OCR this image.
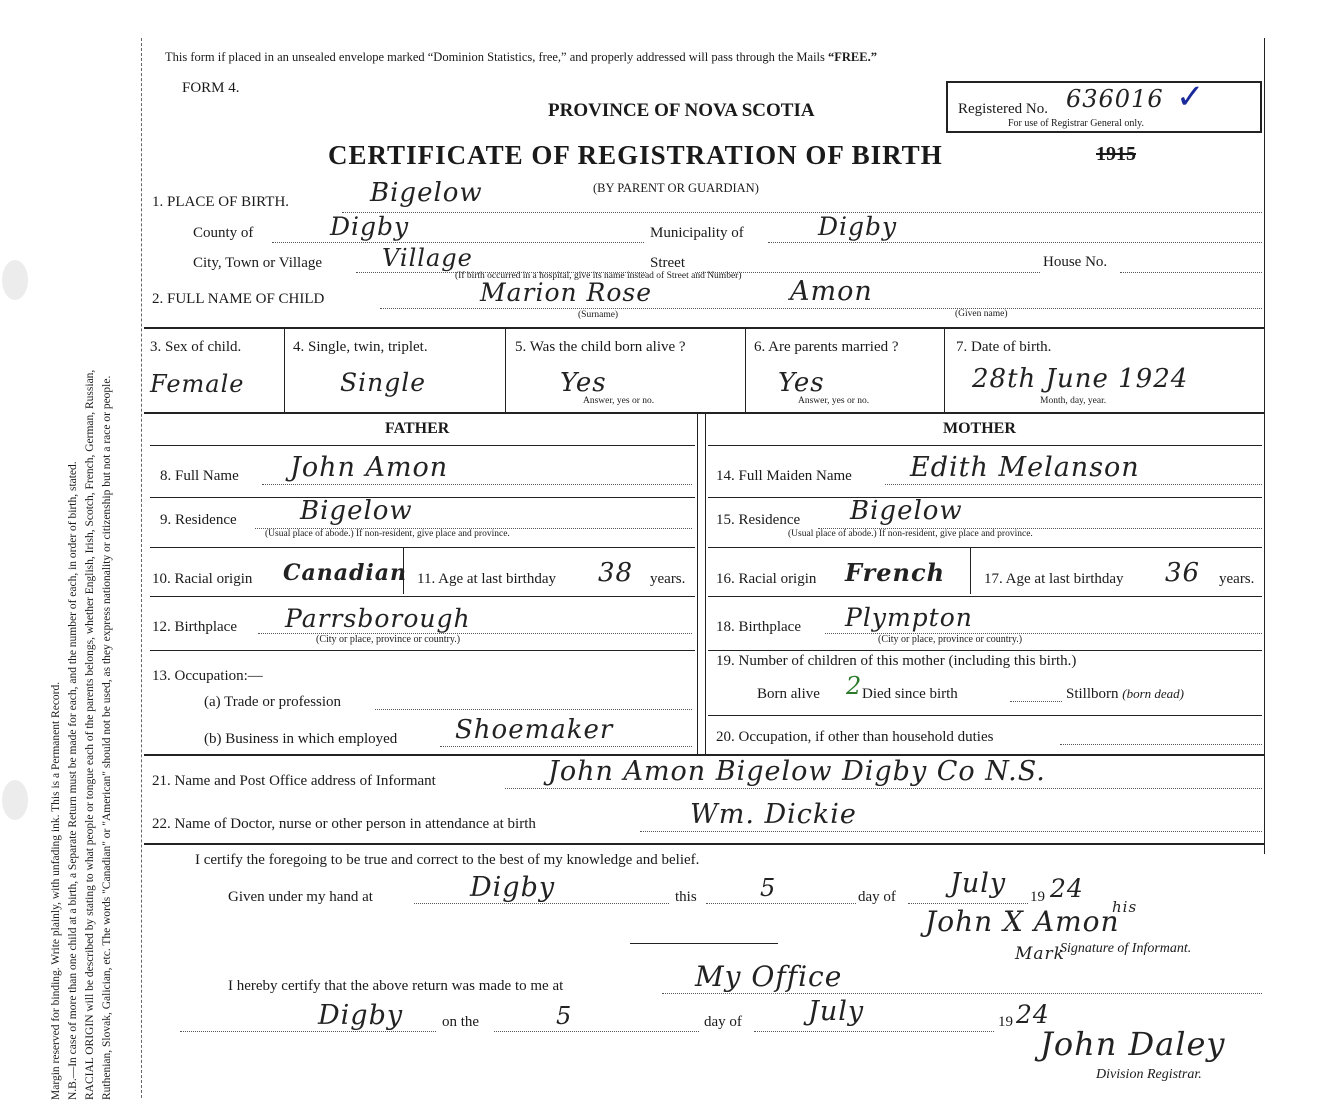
Margin reserved for binding. Write plainly, with unfading ink. This is a Permanent Record. N.B.—In case of more than one child at a birth, a Separate Return must be made for each, and the number of each, in order of birth, stated. RACIAL ORIGIN will be described by stating to what people or tongue each of the parents belongs, whether English, Irish, Scotch, French, German, Russian, Ruthenian, Slovak, Galician, etc. The words "Canadian" or "American" should not be used, as they express nationality or citizenship but not a race or people.
This form if placed in an unsealed envelope marked “Dominion Statistics, free,” and properly addressed will pass through the Mails “FREE.”
FORM 4.
PROVINCE OF NOVA SCOTIA
CERTIFICATE OF REGISTRATION OF BIRTH	1915
(BY PARENT OR GUARDIAN)
Registered No. 636016 ✓
For use of Registrar General only.
1. PLACE OF BIRTH.	Bigelow
County of	Digby	Municipality of	Digby
City, Town or Village Village	Street	House No.
(If birth occurred in a hospital, give its name instead of Street and Number)
2. FULL NAME OF CHILD	Marion Rose	Amon
(Surname)	(Given name)
3. Sex of child.
Female
4. Single, twin, triplet.
Single
5. Was the child born alive ?
Yes
Answer, yes or no.
6. Are parents married ?
Yes
Answer, yes or no.
7. Date of birth.
28th June 1924
Month, day, year.
FATHER	MOTHER
8. Full Name John Amon
9. Residence Bigelow
(Usual place of abode.) If non-resident, give place and province.
10. Racial origin Canadian 11. Age at last birthday 38 years.
12. Birthplace Parrsborough
(City or place, province or country.)
13. Occupation:—
(a) Trade or profession
(b) Business in which employed Shoemaker
14. Full Maiden Name Edith Melanson
15. Residence Bigelow
(Usual place of abode.) If non-resident, give place and province.
16. Racial origin French	17. Age at last birthday 36 years.
18. Birthplace Plympton
(City or place, province or country.)
19. Number of children of this mother (including this birth.)
Born alive 2 Died since birth	Stillborn (born dead)
20. Occupation, if other than household duties
21. Name and Post Office address of Informant	John Amon Bigelow Digby Co N.S.
22. Name of Doctor, nurse or other person in attendance at birth	Wm. Dickie
I certify the foregoing to be true and correct to the best of my knowledge and belief.
Given under my hand at	Digby	this	5	day of July 19 24
his
John X Amon
Mark
Signature of Informant.
I hereby certify that the above return was made to me at	My Office
Digby	on the	5	day of July	19 24
John Daley
Division Registrar.
